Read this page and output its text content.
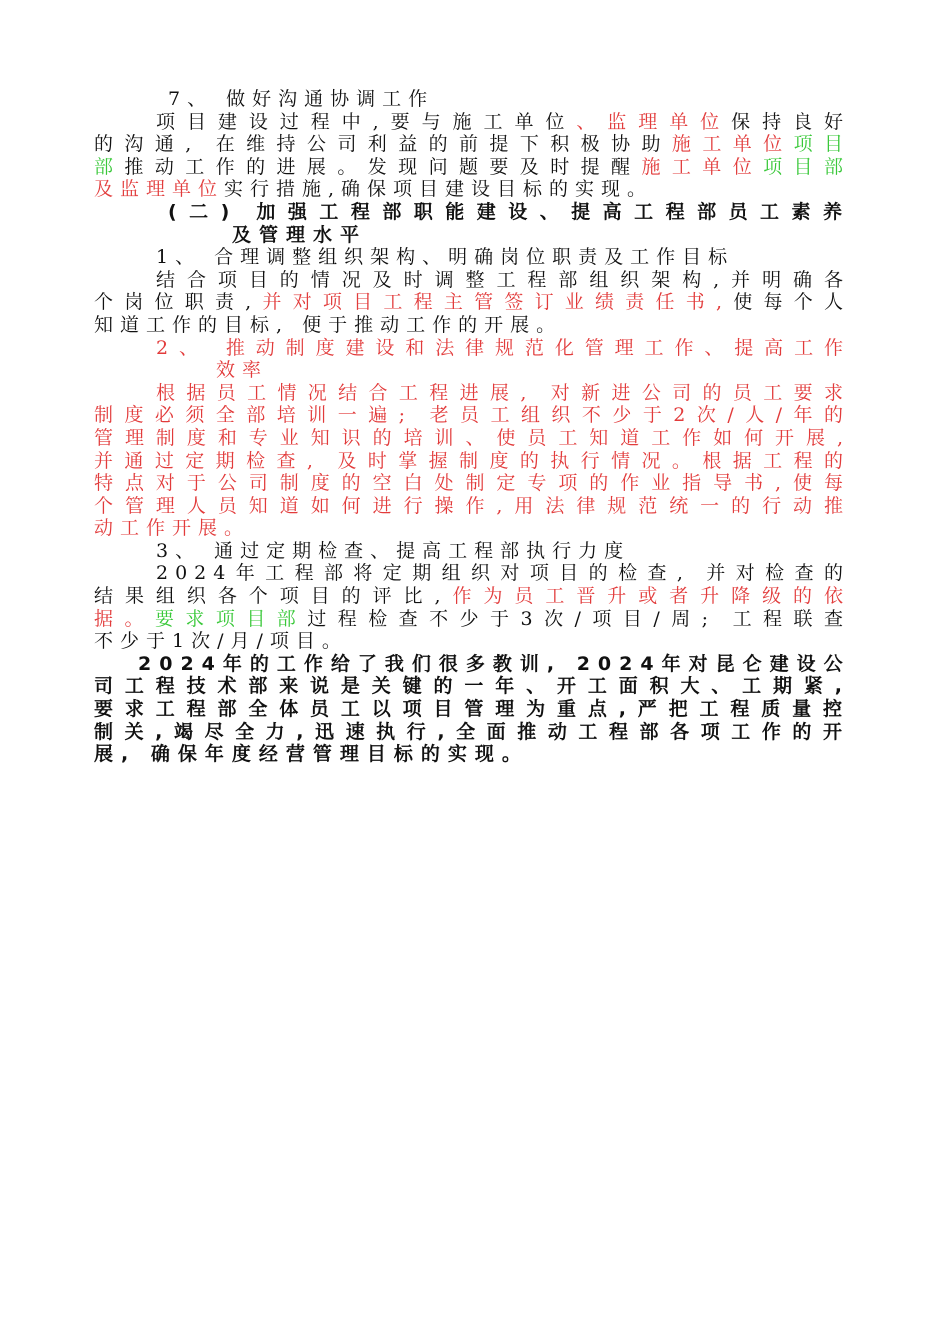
7、 做好沟通协调工作
项目建设过程中,要与施工单位、监理单位保持良好
的沟通, 在维持公司利益的前提下积极协助施工单位项目
部推动工作的进展。发现问题要及时提醒施工单位项目部
及监理单位实行措施,确保项目建设目标的实现。
(二) 加强工程部职能建设、提高工程部员工素养
及管理水平
1、 合理调整组织架构、明确岗位职责及工作目标
结合项目的情况及时调整工程部组织架构,并明确各
个岗位职责,并对项目工程主管签订业绩责任书,使每个人
知道工作的目标, 便于推动工作的开展。
2、 推动制度建设和法律规范化管理工作、提高工作
效率
根据员工情况结合工程进展, 对新进公司的员工要求
制度必须全部培训一遍; 老员工组织不少于2次/人/年的
管理制度和专业知识的培训、使员工知道工作如何开展,
并通过定期检查, 及时掌握制度的执行情况。根据工程的
特点对于公司制度的空白处制定专项的作业指导书,使每
个管理人员知道如何进行操作,用法律规范统一的行动推
动工作开展。
3、 通过定期检查、提高工程部执行力度
2024年工程部将定期组织对项目的检查, 并对检查的
结果组织各个项目的评比,作为员工晋升或者升降级的依
据。要求项目部过程检查不少于3次/项目/周; 工程联查
不少于1次/月/项目。
2024年的工作给了我们很多教训, 2024年对昆仑建设公
司工程技术部来说是关键的一年、开工面积大、工期紧,
要求工程部全体员工以项目管理为重点,严把工程质量控
制关,竭尽全力,迅速执行,全面推动工程部各项工作的开
展, 确保年度经营管理目标的实现。
